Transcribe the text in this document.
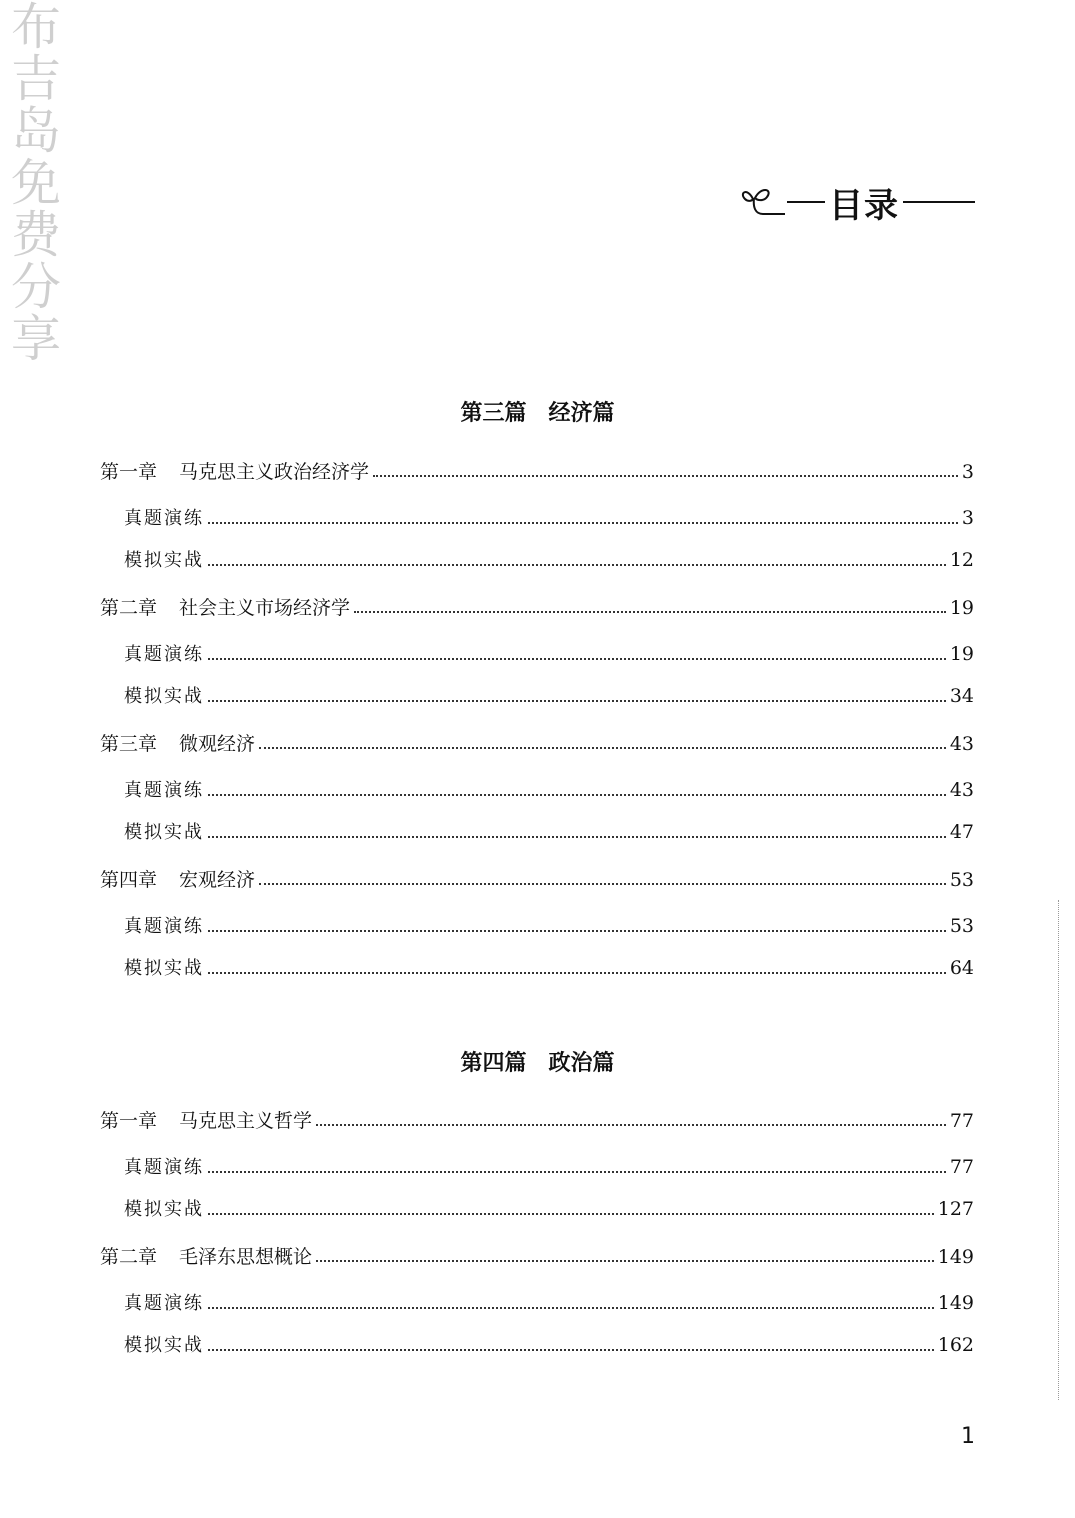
布吉岛免费分享	目录
第三篇　经济篇
第一章 马克思主义政治经济学	3
真题演练	3
模拟实战	12
第二章 社会主义市场经济学	19
真题演练	19
模拟实战	34
第三章 微观经济	43
真题演练	43
模拟实战	47
第四章 宏观经济	53
真题演练	53
模拟实战	64
第四篇　政治篇
第一章 马克思主义哲学	77
真题演练	77
模拟实战	127
第二章 毛泽东思想概论	149
真题演练	149
模拟实战	162
1
